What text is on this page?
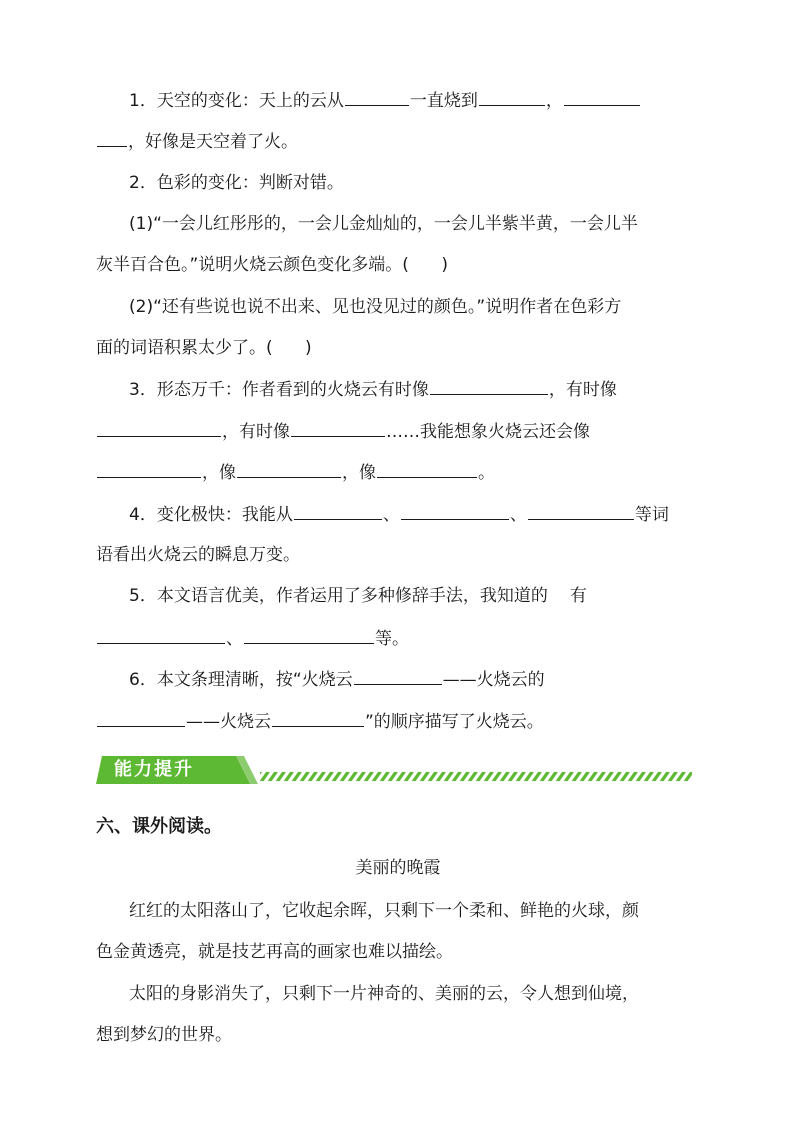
1．天空的变化：天上的云从	一直烧到	，
，好像是天空着了火。
2．色彩的变化：判断对错。
(1)“一会儿红彤彤的，一会儿金灿灿的，一会儿半紫半黄，一会儿半
灰半百合色。”说明火烧云颜色变化多端。(      )
(2)“还有些说也说不出来、见也没见过的颜色。”说明作者在色彩方
面的词语积累太少了。(      )
3．形态万千：作者看到的火烧云有时像	，有时像
，有时像	……我能想象火烧云还会像
，像	，像	。
4．变化极快：我能从	、	、	等词
语看出火烧云的瞬息万变。
5．本文语言优美，作者运用了多种修辞手法，我知道的 有
、	等。
6．本文条理清晰，按“火烧云	——火烧云的
——火烧云	”的顺序描写了火烧云。
能力提升
六、课外阅读。
美丽的晚霞
红红的太阳落山了，它收起余晖，只剩下一个柔和、鲜艳的火球，颜
色金黄透亮，就是技艺再高的画家也难以描绘。
太阳的身影消失了，只剩下一片神奇的、美丽的云，令人想到仙境，
想到梦幻的世界。
